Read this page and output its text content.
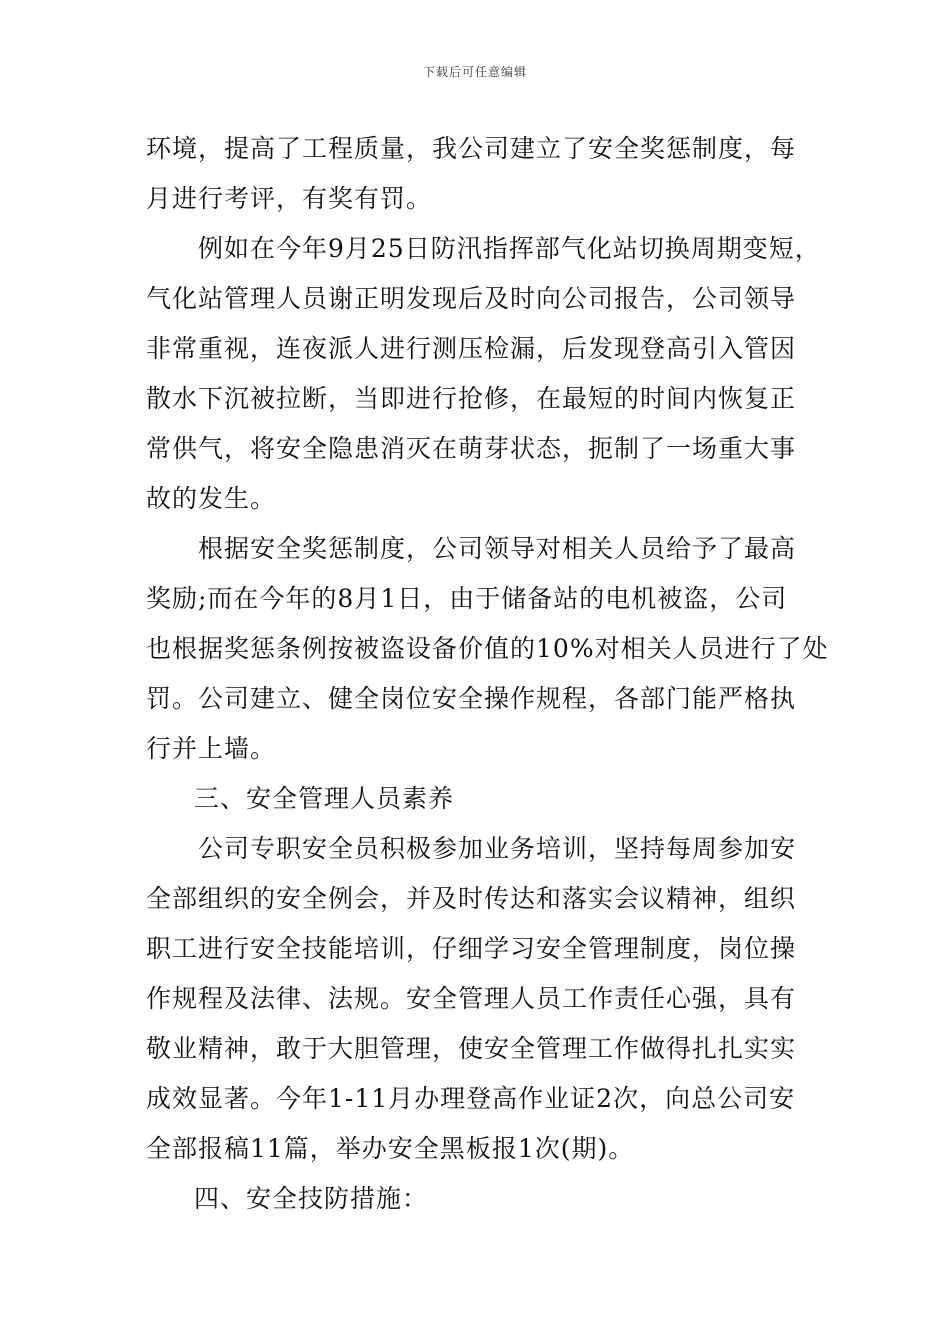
下载后可任意编辑
环境，提高了工程质量，我公司建立了安全奖惩制度，每
月进行考评，有奖有罚。
例如在今年9月25日防汛指挥部气化站切换周期变短，
气化站管理人员谢正明发现后及时向公司报告，公司领导
非常重视，连夜派人进行测压检漏，后发现登高引入管因
散水下沉被拉断，当即进行抢修，在最短的时间内恢复正
常供气，将安全隐患消灭在萌芽状态，扼制了一场重大事
故的发生。
根据安全奖惩制度，公司领导对相关人员给予了最高
奖励;而在今年的8月1日，由于储备站的电机被盗，公司
也根据奖惩条例按被盗设备价值的10%对相关人员进行了处
罚。公司建立、健全岗位安全操作规程，各部门能严格执
行并上墙。
三、安全管理人员素养
公司专职安全员积极参加业务培训，坚持每周参加安
全部组织的安全例会，并及时传达和落实会议精神，组织
职工进行安全技能培训，仔细学习安全管理制度，岗位操
作规程及法律、法规。安全管理人员工作责任心强，具有
敬业精神，敢于大胆管理，使安全管理工作做得扎扎实实
成效显著。今年1-11月办理登高作业证2次，向总公司安
全部报稿11篇，举办安全黑板报1次(期)。
四、安全技防措施：
